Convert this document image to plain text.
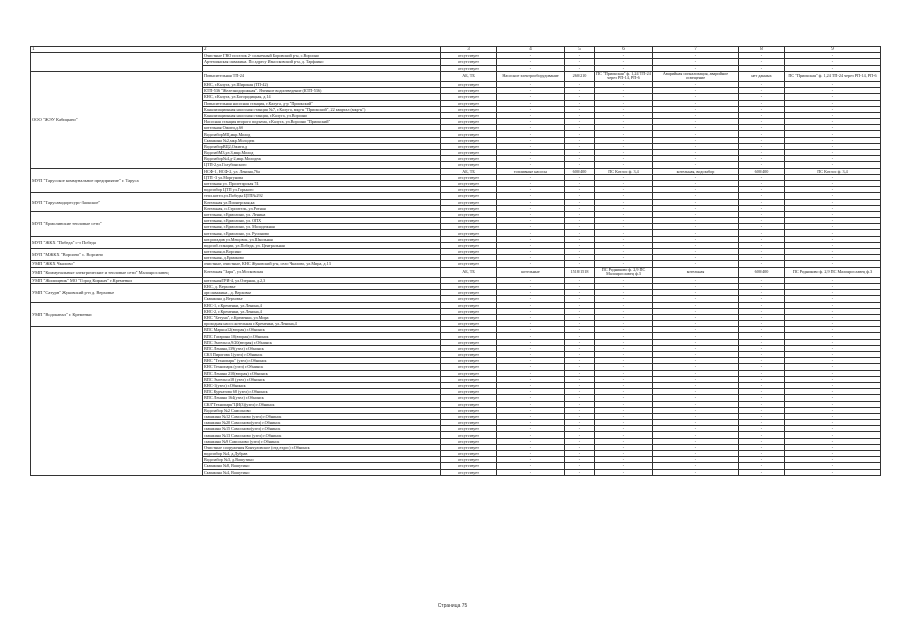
1	2	3	4	5	6	7	8	9
	Очистные ГВО поселок 2- солнечный Боровский р-н, с.Ворсино	отсутствует	-	-	-	-	-	-
	Артезианская скважина. По адресу Износковский р-н, д. Тарфаино	отсутствует	-	-	-	-	-	-
		отсутствует	-	-	-	-	-	-
ООО "ЖЭУ Кабицыно"	Повысительная ТП-24	АБ, ТБ	Насосное электрооборудование	260/210	ПС "Приокская" ф. 1,24 ТП-24 через РП-14, РП-6	Аварийная сигнализация, аварийное освещение	нет данных	ПС "Приокская" ф. 1,24 ТП-24 через РП-14, РП-6
	КНС, г.Калуга, ул.Широкая (ТП-42)	отсутствует	-	-	-	-	-	-
	КТП-536 "Железнодорожная". Ячеиное водоотведение (КТП-536)	отсутствует	-	-	-	-	-	-
	КНС, г.Калуга, ул.Богородицкая, д.14	отсутствует	-	-	-	-	-	-
	Повысительная насосная станция, г.Калуга, д-р "Приокский"	отсутствует	-	-	-	-	-	-
	Канализационная насосная станция №7, г.Калуга, мкр-н "Приокский", 22 квартал (мкр-н")	отсутствует	-	-	-	-	-	-
	Канализационная насосная станция, г.Калуга, ул.Ворсино	отсутствует	-	-	-	-	-	-
	Насосная станция второго подъема, г.Калуга, ул.Ворсино "Приокский"	отсутствует	-	-	-	-	-	-
	котельная Ожиги,д.6б	отсутствует	-	-	-	-	-	-
	ВодозаборМЦ,мкр.Молод	отсутствует	-	-	-	-	-	-
	Скважина №2,мкр.Молодеж	отсутствует	-	-	-	-	-	-
	ВодозаборВЦ2,Ожиги,д	отсутствует	-	-	-	-	-	-
	ВодозабМ3,ул.З,мкр.Молод	отсутствует	-	-	-	-	-	-
	Водозабор№4,д-2,мкр.Молодеж	отсутствует	-	-	-	-	-	-
	ЦТП-2,ул.Голубинского	отсутствует	-	-	-	-	-	-
МУП "Тарусское коммунальное предприятие" г. Таруса	НСФ-1, НСФ-2, ул. Ленина,76а	АБ, ТБ	топливные насосы	600/400	ПС Котлос ф. 3,4	котельная, водозабор	600/400	ПС Котлос ф. 3,4
	ЦТП -3 ул.Моргунова	отсутствует	-	-	-	-	-	-
	котельная ул. Пролетарская 74	отсутствует	-	-	-	-	-	-
	водозабор ЦТП ул.Горького	отсутствует	-	-	-	-	-	-
МУП "Тарусаводоресурс-Заокское"	тепл.котел.ул.Победы ЦТП№292	отсутствует	-	-	-	-	-	-
	Котельная ул.Пионерская,ка	отсутствует	-	-	-	-	-	-
	Котельная, п.Строитель, ул.Ротная	отсутствует	-	-	-	-	-	-
МУП "Ермолинские тепловые сети"	котельная, г.Ермолино, ул. Ленина	отсутствует	-	-	-	-	-	-
	котельная, г.Ермолино, ул. ОПХ	отсутствует	-	-	-	-	-	-
	котельная, г.Ермолино, ул. Молодежная	отсутствует	-	-	-	-	-	-
	котельная, г.Ермолино, ул. Русиново	отсутствует	-	-	-	-	-	-
МУП "ЖКХ "Победа" с-з Победа	кот.ригадив ул.Мещовск, ул.Школьная	отсутствует	-	-	-	-	-	-
	водозаб.станции, ул.Победа, ул. Центральная	отсутствует	-	-	-	-	-	-
МУП "МЖКХ "Ворсино" с. Ворсино	котельная,п.Ворсино	отсутствует	-	-	-	-	-	-
	котельная, д.Ермаково	отсутствует	-	-	-	-	-	-
УМП "ЖКХ Чкалово"	очистные, очистные, КНС Жуковский р-н, село Чкалово, ул.Мира, д.13	отсутствует	-	-	-	-	-	-
УМП "Коммунальные электрические и тепловые сети" Малоярославец	Котельная "Заря", ул.Московская	АБ, ТБ	котельные	1518/1518	ПС Родниково ф. 2,9 ПС Малоярославец ф.3	котельная	600/400	ПС Родниково ф. 2,9 ПС Малоярославец ф.3
УМП "Жилищник" МО "Город Киржач" г.Кременки	котельнаяТРИ-4, ул.Озерная, д.2,3	отсутствует	-	-	-	-	-	-
УМП "Сатурн" Жуковский р-н д. Верховье	КНС, д. Верховье	отсутствует	-	-	-	-	-	-
	арт.скважина , д. Верховье	отсутствует	-	-	-	-	-	-
	Скважина д.Верховье	отсутствует	-	-	-	-	-	-
УМП "Водоканал" г. Кременки	КНС-1, г.Кременки, ул.Ленина,4	отсутствует	-	-	-	-	-	-
	КНС-2, г.Кременки, ул.Ленина,4	отсутствует	-	-	-	-	-	-
	КНС "Бетуна", г.Кременки, ул.Мира	отсутствует	-	-	-	-	-	-
	проходная насос.котельная г.Кременки, ул.Ленина,4	отсутствует	-	-	-	-	-	-
	ВПС Маркса12(вторая) г.Обнинск	отсутствует	-	-	-	-	-	-
	ВПС Гагарина 10(вторая) г.Обнинск	отсутствует	-	-	-	-	-	-
	ВПС Энгельса,9/20(вторая) г.Обнинск	отсутствует	-	-	-	-	-	-
	ВПС Ленина,139(узел) г.Обнинск	отсутствует	-	-	-	-	-	-
	СКЗ Пирогова 1(узел) г.Обнинск	отсутствует	-	-	-	-	-	-
	ВНС "Технопарк" (узел) г.Обнинск	отсутствует	-	-	-	-	-	-
	КНС Технопарк (узел) г.Обнинск	отсутствует	-	-	-	-	-	-
	ВПС Ленина 210(вторая) г.Обнинск	отсутствует	-	-	-	-	-	-
	ВПС Энгельса18 (узел) г.Обнинск	отсутствует	-	-	-	-	-	-
	КНС-1(узел) г.Обнинск	отсутствует	-	-	-	-	-	-
	ВПС Курчатова 68 (узел) г.Обнинск	отсутствует	-	-	-	-	-	-
	ВПС Ленина 164(узел) г.Обнинск	отсутствует	-	-	-	-	-	-
	СКЗ"Технопарк"ЦИ(3)(узел) г.Обнинск	отсутствует	-	-	-	-	-	-
	Водозабор №2 Самсоново	отсутствует	-	-	-	-	-	-
	скважина №12 Самсоново (узел) г.Обнинск	отсутствует	-	-	-	-	-	-
	скважина №20 Самсоново(узел) г.Обнинск	отсутствует	-	-	-	-	-	-
	скважина №15 Самсоново(узел) г.Обнинск	отсутствует	-	-	-	-	-	-
	скважина №13 Самсоново (узел) г.Обнинск	отсутствует	-	-	-	-	-	-
	скважина №9 Самсоново (узел) г.Обнинск	отсутствует	-	-	-	-	-	-
	Очистные сооружения Кончуловское (отд.ездос) г.Обнинск	отсутствует	-	-	-	-	-	-
	водозабор №4, д.Дубрав	отсутствует	-	-	-	-	-	-
	Водозабор №3, д.Вашутино	отсутствует	-	-	-	-	-	-
	Скважина №8, Вашутино	отсутствует	-	-	-	-	-	-
	Скважина №4, Вашутино	отсутствует	-	-	-	-	-	-
Страница 75
